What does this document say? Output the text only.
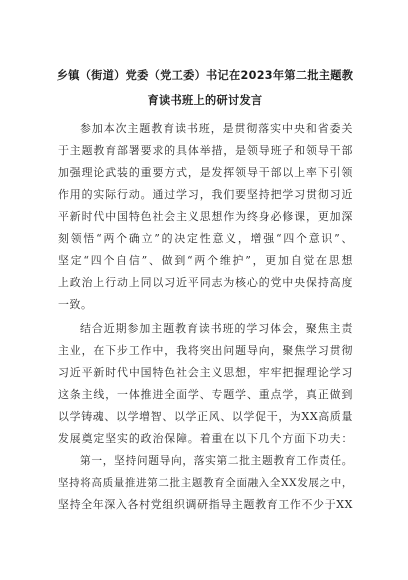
乡镇（街道）党委（党工委）书记在2023年第二批主题教
育读书班上的研讨发言
参加本次主题教育读书班，是贯彻落实中央和省委关
于主题教育部署要求的具体举措，是领导班子和领导干部
加强理论武装的重要方式，是发挥领导干部以上率下引领
作用的实际行动。通过学习，我们要坚持把学习贯彻习近
平新时代中国特色社会主义思想作为终身必修课，更加深
刻领悟“两个确立”的决定性意义，增强“四个意识”、
坚定“四个自信”、做到“两个维护”，更加自觉在思想
上政治上行动上同以习近平同志为核心的党中央保持高度
一致。
结合近期参加主题教育读书班的学习体会，聚焦主责
主业，在下步工作中，我将突出问题导向，聚焦学习贯彻
习近平新时代中国特色社会主义思想，牢牢把握理论学习
这条主线，一体推进全面学、专题学、重点学，真正做到
以学铸魂、以学增智、以学正风、以学促干，为XX高质量
发展奠定坚实的政治保障。着重在以下几个方面下功夫：
第一，坚持问题导向，落实第二批主题教育工作责任。
坚持将高质量推进第二批主题教育全面融入全XX发展之中，
坚持全年深入各村党组织调研指导主题教育工作不少于XX
